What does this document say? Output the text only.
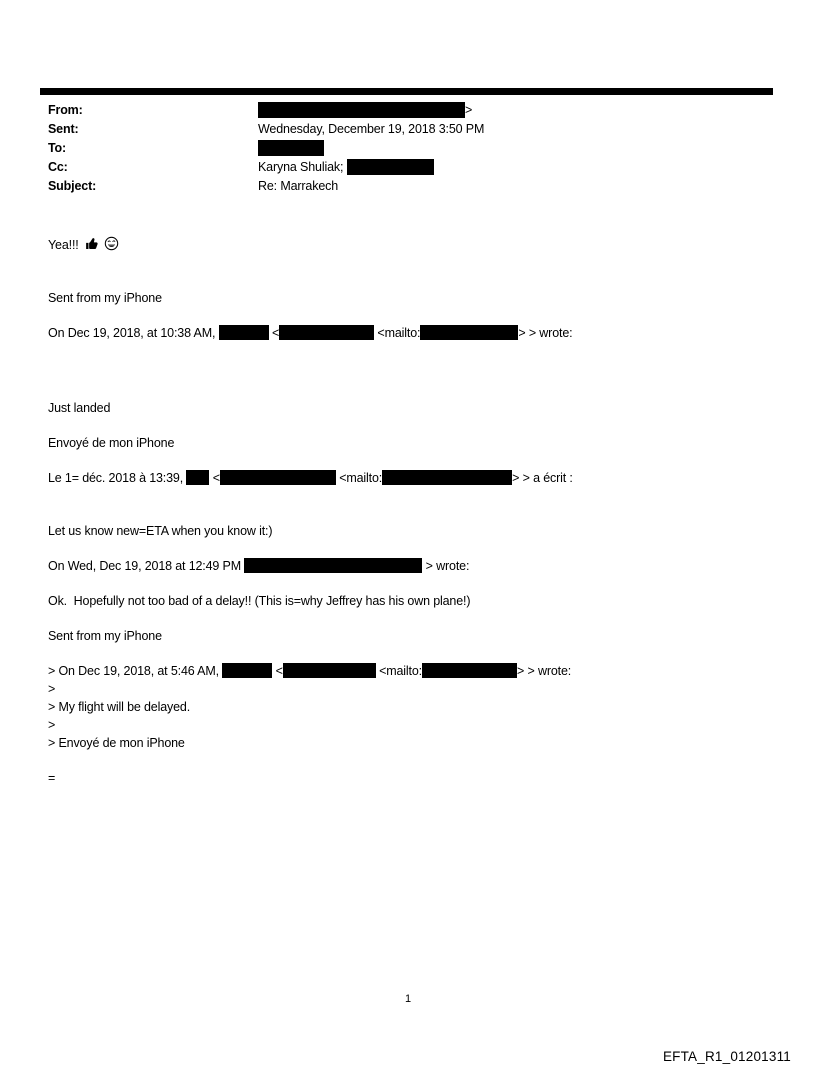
From:	>
Sent:	Wednesday, December 19, 2018 3:50 PM
To:
Cc:	Karyna Shuliak;
Subject:	Re: Marrakech
Yea!!!
Sent from my iPhone
On Dec 19, 2018, at 10:38 AM,	<	<mailto:	> > wrote:
Just landed
Envoyé de mon iPhone
Le 1= déc. 2018 à 13:39,  <	<mailto:	> > a écrit :
Let us know new=ETA when you know it:)
On Wed, Dec 19, 2018 at 12:49 PM	> wrote:
Ok.  Hopefully not too bad of a delay!! (This is=why Jeffrey has his own plane!)
Sent from my iPhone
> On Dec 19, 2018, at 5:46 AM,	<	<mailto:	> > wrote:
>
> My flight will be delayed.
>
> Envoyé de mon iPhone
=
1
EFTA_R1_01201311
